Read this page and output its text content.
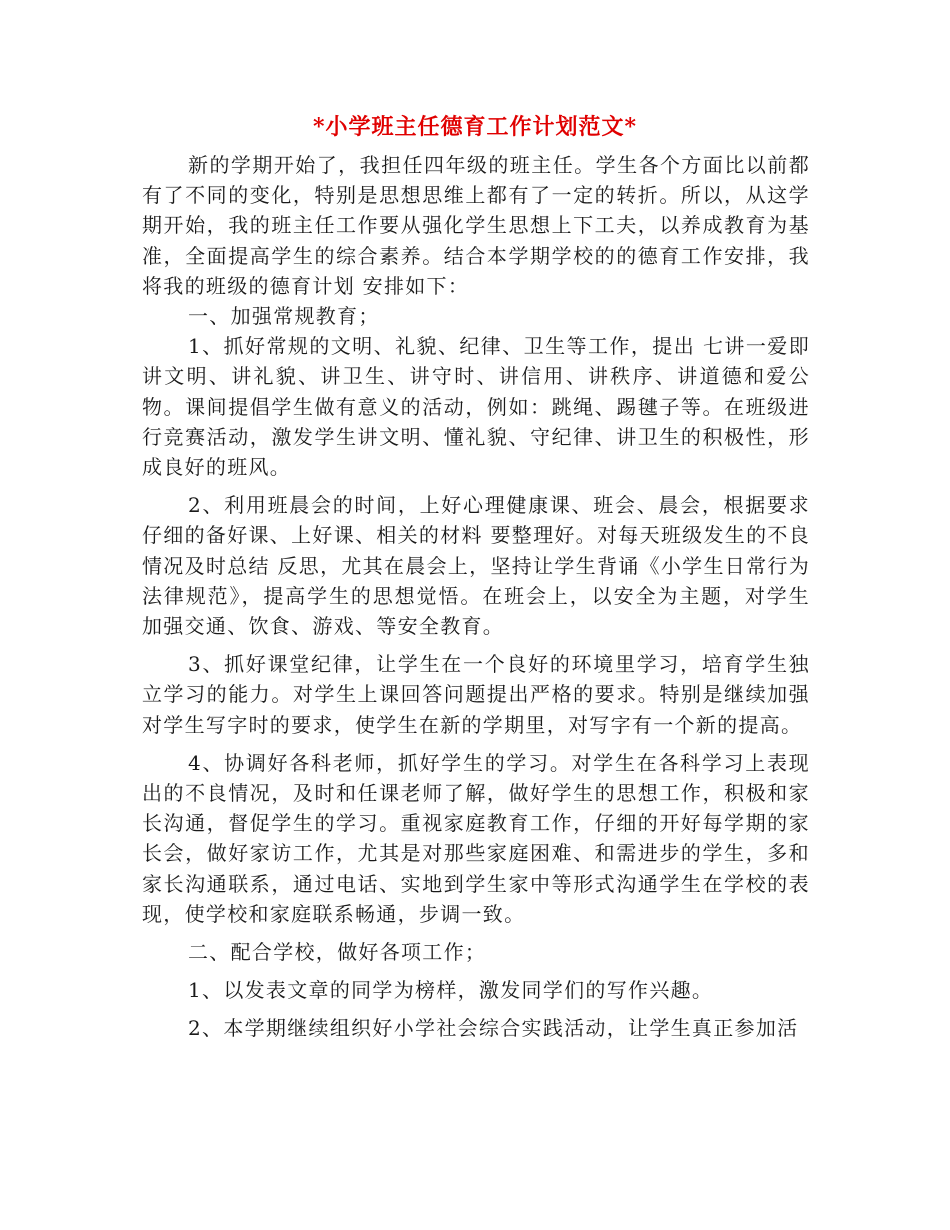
*小学班主任德育工作计划范文*

新的学期开始了，我担任四年级的班主任。学生各个方面比以前都有了不同的变化，特别是思想思维上都有了一定的转折。所以，从这学期开始，我的班主任工作要从强化学生思想上下工夫，以养成教育为基准，全面提高学生的综合素养。结合本学期学校的的德育工作安排，我将我的班级的德育计划 安排如下：

一、加强常规教育；

1、抓好常规的文明、礼貌、纪律、卫生等工作，提出 七讲一爱即讲文明、讲礼貌、讲卫生、讲守时、讲信用、讲秩序、讲道德和爱公物。课间提倡学生做有意义的活动，例如：跳绳、踢毽子等。在班级进行竞赛活动，激发学生讲文明、懂礼貌、守纪律、讲卫生的积极性，形成良好的班风。

2、利用班晨会的时间，上好心理健康课、班会、晨会，根据要求仔细的备好课、上好课、相关的材料 要整理好。对每天班级发生的不良情况及时总结 反思，尤其在晨会上，坚持让学生背诵《小学生日常行为法律规范》，提高学生的思想觉悟。在班会上，以安全为主题，对学生加强交通、饮食、游戏、等安全教育。

3、抓好课堂纪律，让学生在一个良好的环境里学习，培育学生独立学习的能力。对学生上课回答问题提出严格的要求。特别是继续加强对学生写字时的要求，使学生在新的学期里，对写字有一个新的提高。

4、协调好各科老师，抓好学生的学习。对学生在各科学习上表现出的不良情况，及时和任课老师了解，做好学生的思想工作，积极和家长沟通，督促学生的学习。重视家庭教育工作，仔细的开好每学期的家长会，做好家访工作，尤其是对那些家庭困难、和需进步的学生，多和家长沟通联系，通过电话、实地到学生家中等形式沟通学生在学校的表现，使学校和家庭联系畅通，步调一致。

二、配合学校，做好各项工作；

1、以发表文章的同学为榜样，激发同学们的写作兴趣。

2、本学期继续组织好小学社会综合实践活动，让学生真正参加活
